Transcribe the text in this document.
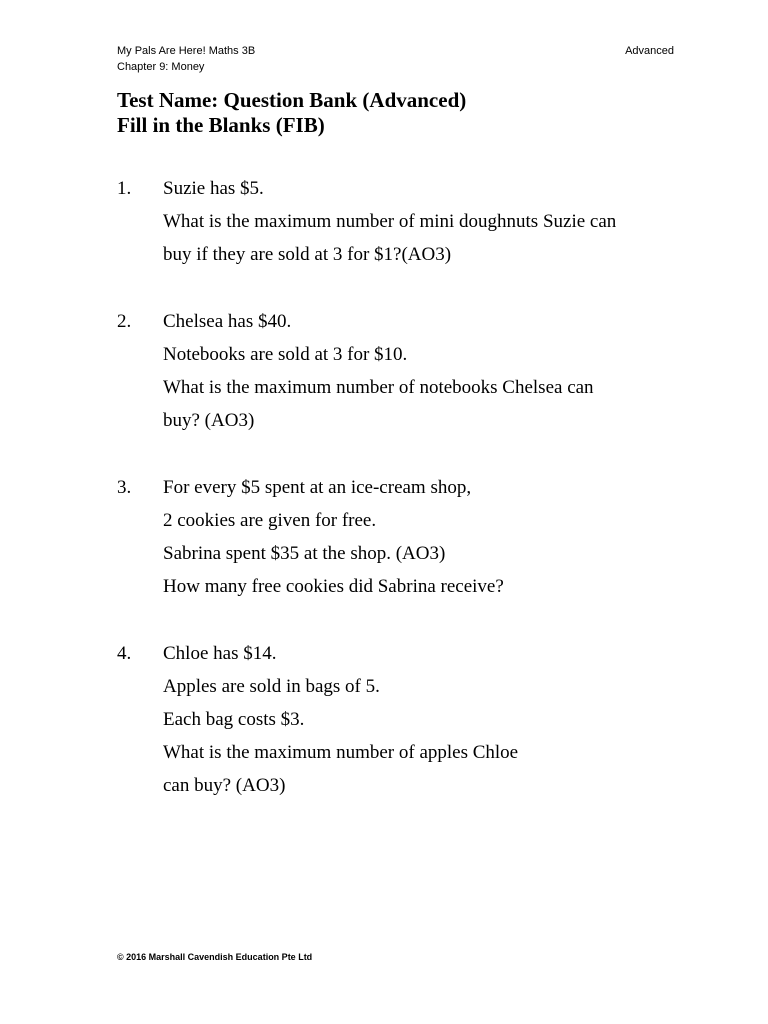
My Pals Are Here! Maths 3B
Chapter 9: Money
Advanced
Test Name: Question Bank (Advanced)
Fill in the Blanks (FIB)
1. Suzie has $5.
What is the maximum number of mini doughnuts Suzie can
buy if they are sold at 3 for $1?(AO3)
2. Chelsea has $40.
Notebooks are sold at 3 for $10.
What is the maximum number of notebooks Chelsea can
buy? (AO3)
3. For every $5 spent at an ice-cream shop,
2 cookies are given for free.
Sabrina spent $35 at the shop. (AO3)
How many free cookies did Sabrina receive?
4. Chloe has $14.
Apples are sold in bags of 5.
Each bag costs $3.
What is the maximum number of apples Chloe
can buy? (AO3)
© 2016 Marshall Cavendish Education Pte Ltd
